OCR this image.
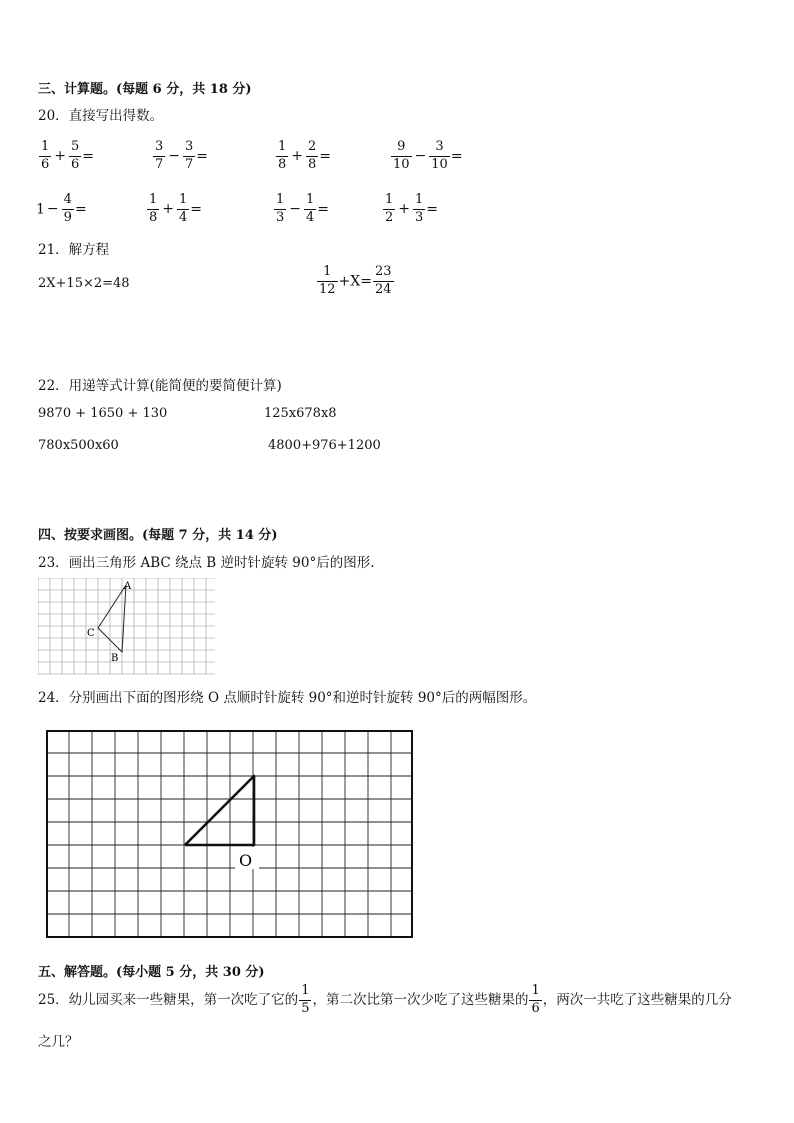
三、计算题。(每题 6 分，共 18 分)
20．直接写出得数。
$\frac{1}{6} + \frac{5}{6}$ =	$\frac{3}{7} - \frac{3}{7}$ =	$\frac{1}{8} + \frac{2}{8}$ =	$\frac{9}{10} - \frac{3}{10}$ =
$1 - \frac{4}{9}$ =	$\frac{1}{8} + \frac{1}{4}$ =	$\frac{1}{3} - \frac{1}{4}$ =	$\frac{1}{2} + \frac{1}{3}$ =
21．解方程
2X+15×2=48	$\frac{1}{12} +X= \frac{23}{24}$
22．用递等式计算(能简便的要简便计算)
9870 + 1650 + 130	125x678x8
780x500x60	4800+976+1200
四、按要求画图。(每题 7 分，共 14 分)
23．画出三角形 ABC 绕点 B 逆时针旋转 90°后的图形.
A
C
B
24．分别画出下面的图形绕 O 点顺时针旋转 90°和逆时针旋转 90°后的两幅图形。
O
五、解答题。(每小题 5 分，共 30 分)
25．幼儿园买来一些糖果，第一次吃了它的 $\frac{1}{5}$ ，第二次比第一次少吃了这些糖果的 $\frac{1}{6}$ ，两次一共吃了这些糖果的几分
之几？
